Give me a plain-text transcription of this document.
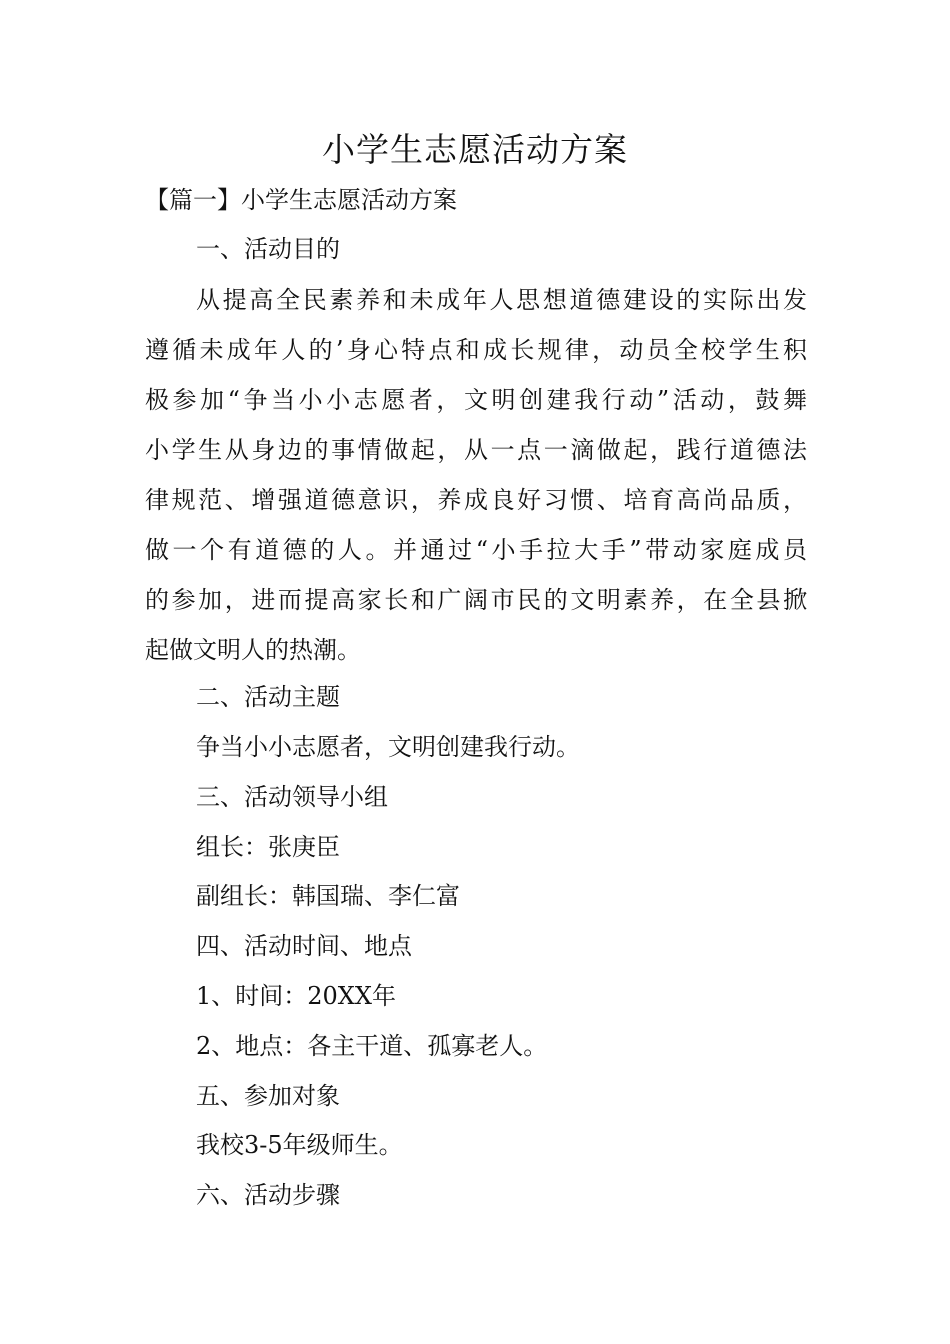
小学生志愿活动方案
【篇一】小学生志愿活动方案
一、活动目的
从提高全民素养和未成年人思想道德建设的实际出发
遵循未成年人的’身心特点和成长规律，动员全校学生积
极参加“争当小小志愿者，文明创建我行动”活动，鼓舞
小学生从身边的事情做起，从一点一滴做起，践行道德法
律规范、增强道德意识，养成良好习惯、培育高尚品质，
做一个有道德的人。并通过“小手拉大手”带动家庭成员
的参加，进而提高家长和广阔市民的文明素养，在全县掀
起做文明人的热潮。
二、活动主题
争当小小志愿者，文明创建我行动。
三、活动领导小组
组长：张庚臣
副组长：韩国瑞、李仁富
四、活动时间、地点
1、时间：20XX年
2、地点：各主干道、孤寡老人。
五、参加对象
我校3-5年级师生。
六、活动步骤
